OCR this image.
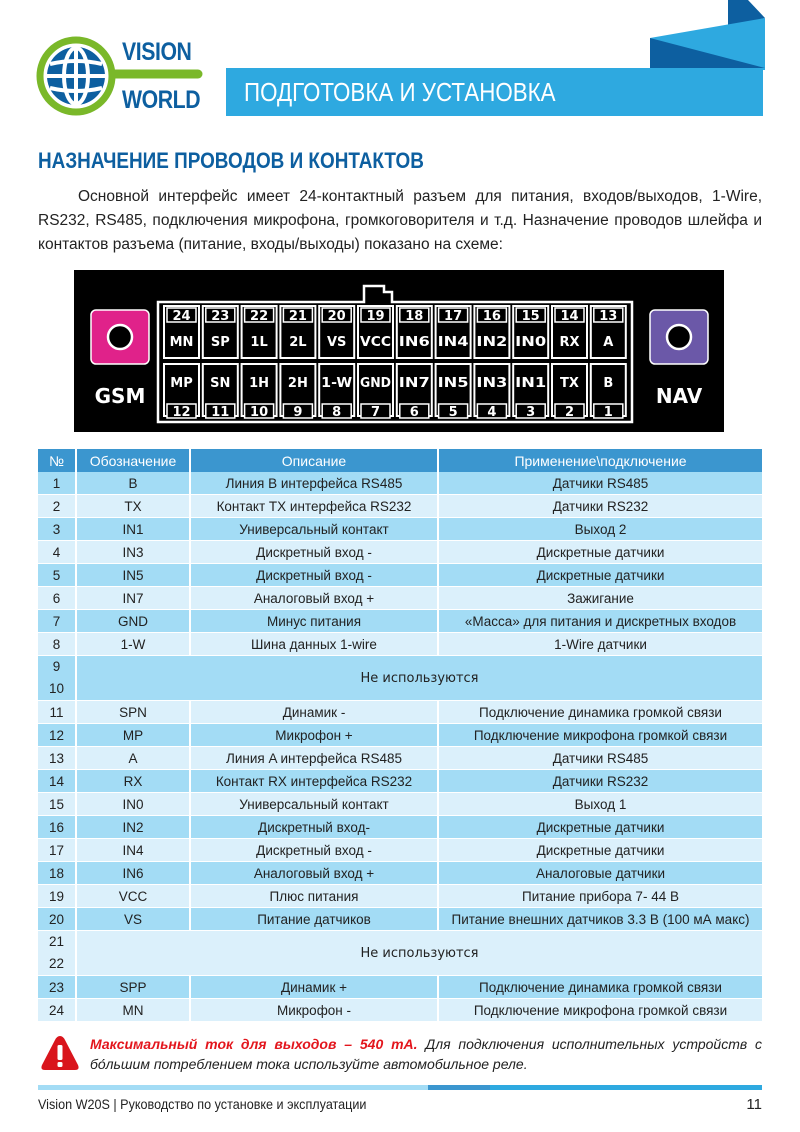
VISION
WORLD ПОДГОТОВКА И УСТАНОВКА
НАЗНАЧЕНИЕ ПРОВОДОВ И КОНТАКТОВ

Основной интерфейс имеет 24-контактный разъем для питания, входов/выходов, 1-Wire, RS232, RS485, подключения микрофона, громкоговорителя и т.д. Назначение проводов шлейфа и контактов разъема (питание, входы/выходы) показано на схеме:

GSM	NAV
24
MN
23
SP
22
1L
21
2L
20
VS
19
VCC
18
IN6
17
IN4
16
IN2
15
IN0
14
RX
13
A
12
MP
11
SN
10
1H
9
2H
8
1-W
7
GND
6
IN7
5
IN5
4
IN3
3
IN1
2
TX
1
B
№	Обозначение	Описание	Применение\подключение
1	B	Линия B интерфейса RS485	Датчики RS485
2	TX	Контакт TX интерфейса RS232	Датчики RS232
3	IN1	Универсальный контакт	Выход 2
4	IN3	Дискретный вход -	Дискретные датчики
5	IN5	Дискретный вход -	Дискретные датчики
6	IN7	Аналоговый вход +	Зажигание
7	GND	Минус питания	«Масса» для питания и дискретных входов
8	1-W	Шина данных 1-wire	1-Wire датчики

9
10	Не используются		
11	SPN	Динамик -	Подключение динамика громкой связи
12	MP	Микрофон +	Подключение микрофона громкой связи
13	A	Линия A интерфейса RS485	Датчики RS485
14	RX	Контакт RX интерфейса RS232	Датчики RS232
15	IN0	Универсальный контакт	Выход 1
16	IN2	Дискретный вход-	Дискретные датчики
17	IN4	Дискретный вход -	Дискретные датчики
18	IN6	Аналоговый вход +	Аналоговые датчики
19	VCC	Плюс питания	Питание прибора 7- 44 В
20	VS	Питание датчиков	Питание внешних датчиков 3.3 В (100 мА макс)

21
22	Не используются		
23	SPP	Динамик +	Подключение динамика громкой связи
24	MN	Микрофон -	Подключение микрофона громкой связи
Максимальный ток для выходов – 540 mA. Для подключения исполнительных устройств с бо́льшим потреблением тока используйте автомобильное реле.
Vision W20S | Руководство по установке и эксплуатации	11
